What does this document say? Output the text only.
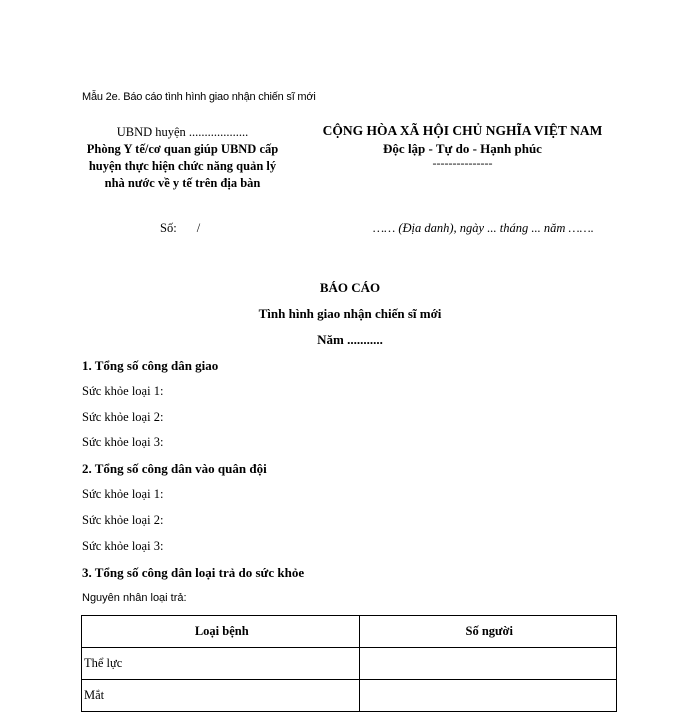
Mẫu 2e. Báo cáo tình hình giao nhận chiến sĩ mới
UBND huyện ...................
Phòng Y tế/cơ quan giúp UBND cấp huyện thực hiện chức năng quản lý nhà nước về y tế trên địa bàn
CỘNG HÒA XÃ HỘI CHỦ NGHĨA VIỆT NAM
Độc lập - Tự do - Hạnh phúc
---------------
Số: /	…… (Địa danh), ngày ... tháng ... năm …….
BÁO CÁO
Tình hình giao nhận chiến sĩ mới
Năm ...........
1. Tổng số công dân giao
Sức khỏe loại 1:
Sức khỏe loại 2:
Sức khỏe loại 3:
2. Tổng số công dân vào quân đội
Sức khỏe loại 1:
Sức khỏe loại 2:
Sức khỏe loại 3:
3. Tổng số công dân loại trả do sức khỏe
Nguyên nhân loại trả:
Loại bệnh	Số người
Thể lực	
Mắt	
